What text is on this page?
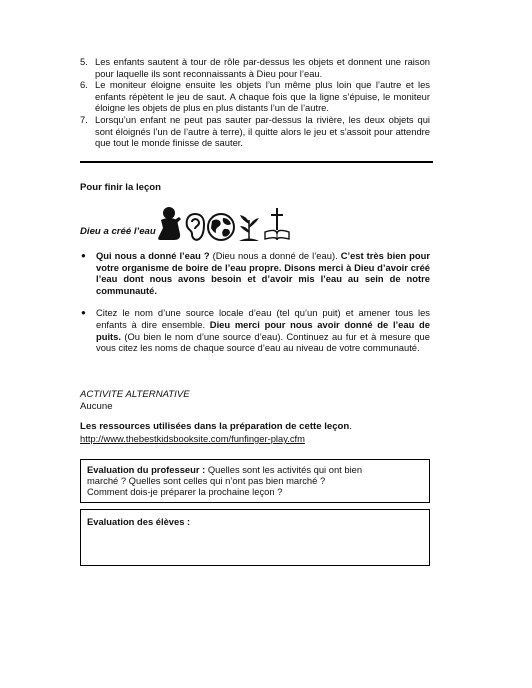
5. Les enfants sautent à tour de rôle par-dessus les objets et donnent une raison pour laquelle ils sont reconnaissants à Dieu pour l’eau.
6. Le moniteur éloigne ensuite les objets l’un même plus loin que l’autre et les enfants répètent le jeu de saut. A chaque fois que la ligne s’épuise, le moniteur éloigne les objets de plus en plus distants l’un de l’autre.
7. Lorsqu’un enfant ne peut pas sauter par-dessus la rivière, les deux objets qui sont éloignés l’un de l’autre à terre), il quitte alors le jeu et s’assoit pour attendre que tout le monde finisse de sauter.
Pour finir la leçon
Dieu a créé l’eau
●	Qui nous a donné l’eau ? (Dieu nous a donné de l’eau). C’est très bien pour votre organisme de boire de l’eau propre. Disons merci à Dieu d’avoir créé l’eau dont nous avons besoin et d’avoir mis l’eau au sein de notre communauté.
●	Citez le nom d’une source locale d’eau (tel qu’un puit) et amener tous les enfants à dire ensemble. Dieu merci pour nous avoir donné de l’eau de puits. (Ou bien le nom d’une source d’eau). Continuez au fur et à mesure que vous citez les noms de chaque source d’eau au niveau de votre communauté.
ACTIVITE ALTERNATIVE
Aucune
Les ressources utilisées dans la préparation de cette leçon.
http://www.thebestkidsbooksite.com/funfinger-play.cfm
Evaluation du professeur : Quelles sont les activités qui ont bien
marché ? Quelles sont celles qui n’ont pas bien marché ?
Comment dois-je préparer la prochaine leçon ?
Evaluation des élèves :
